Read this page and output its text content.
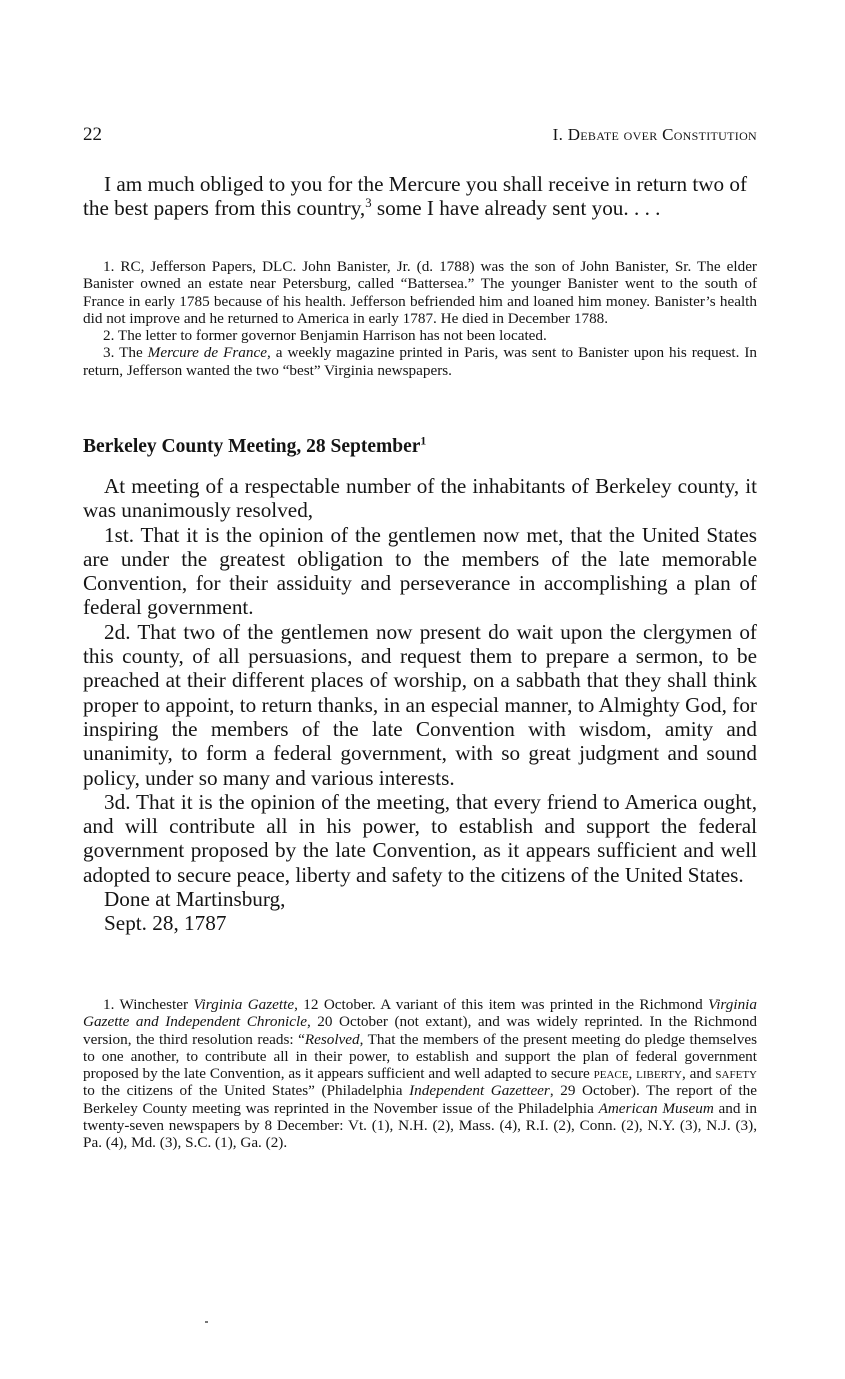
22	I. Debate over Constitution

I am much obliged to you for the Mercure you shall receive in return two of the best papers from this country,$^3$ some I have already sent you. . . .

1. RC, Jefferson Papers, DLC. John Banister, Jr. (d. 1788) was the son of John Banister, Sr. The elder Banister owned an estate near Petersburg, called “Battersea.” The younger Banister went to the south of France in early 1785 because of his health. Jefferson befriended him and loaned him money. Banister’s health did not improve and he returned to America in early 1787. He died in December 1788.

2. The letter to former governor Benjamin Harrison has not been located.

3. The Mercure de France, a weekly magazine printed in Paris, was sent to Banister upon his request. In return, Jefferson wanted the two “best” Virginia newspapers.

Berkeley County Meeting, 28 September$^1$

At meeting of a respectable number of the inhabitants of Berkeley county, it was unanimously resolved,

1st. That it is the opinion of the gentlemen now met, that the United States are under the greatest obligation to the members of the late memorable Convention, for their assiduity and perseverance in accomplishing a plan of federal government.

2d. That two of the gentlemen now present do wait upon the clergymen of this county, of all persuasions, and request them to prepare a sermon, to be preached at their different places of worship, on a sabbath that they shall think proper to appoint, to return thanks, in an especial manner, to Almighty God, for inspiring the members of the late Convention with wisdom, amity and unanimity, to form a federal government, with so great judgment and sound policy, under so many and various interests.

3d. That it is the opinion of the meeting, that every friend to America ought, and will contribute all in his power, to establish and support the federal government proposed by the late Convention, as it appears sufficient and well adopted to secure peace, liberty and safety to the citizens of the United States.

Done at Martinsburg,

Sept. 28, 1787

1. Winchester Virginia Gazette, 12 October. A variant of this item was printed in the Richmond Virginia Gazette and Independent Chronicle, 20 October (not extant), and was widely reprinted. In the Richmond version, the third resolution reads: “Resolved, That the members of the present meeting do pledge themselves to one another, to contribute all in their power, to establish and support the plan of federal government proposed by the late Convention, as it appears sufficient and well adapted to secure peace, liberty, and safety to the citizens of the United States” (Philadelphia Independent Gazetteer, 29 October). The report of the Berkeley County meeting was reprinted in the November issue of the Philadelphia American Museum and in twenty-seven newspapers by 8 December: Vt. (1), N.H. (2), Mass. (4), R.I. (2), Conn. (2), N.Y. (3), N.J. (3), Pa. (4), Md. (3), S.C. (1), Ga. (2).
